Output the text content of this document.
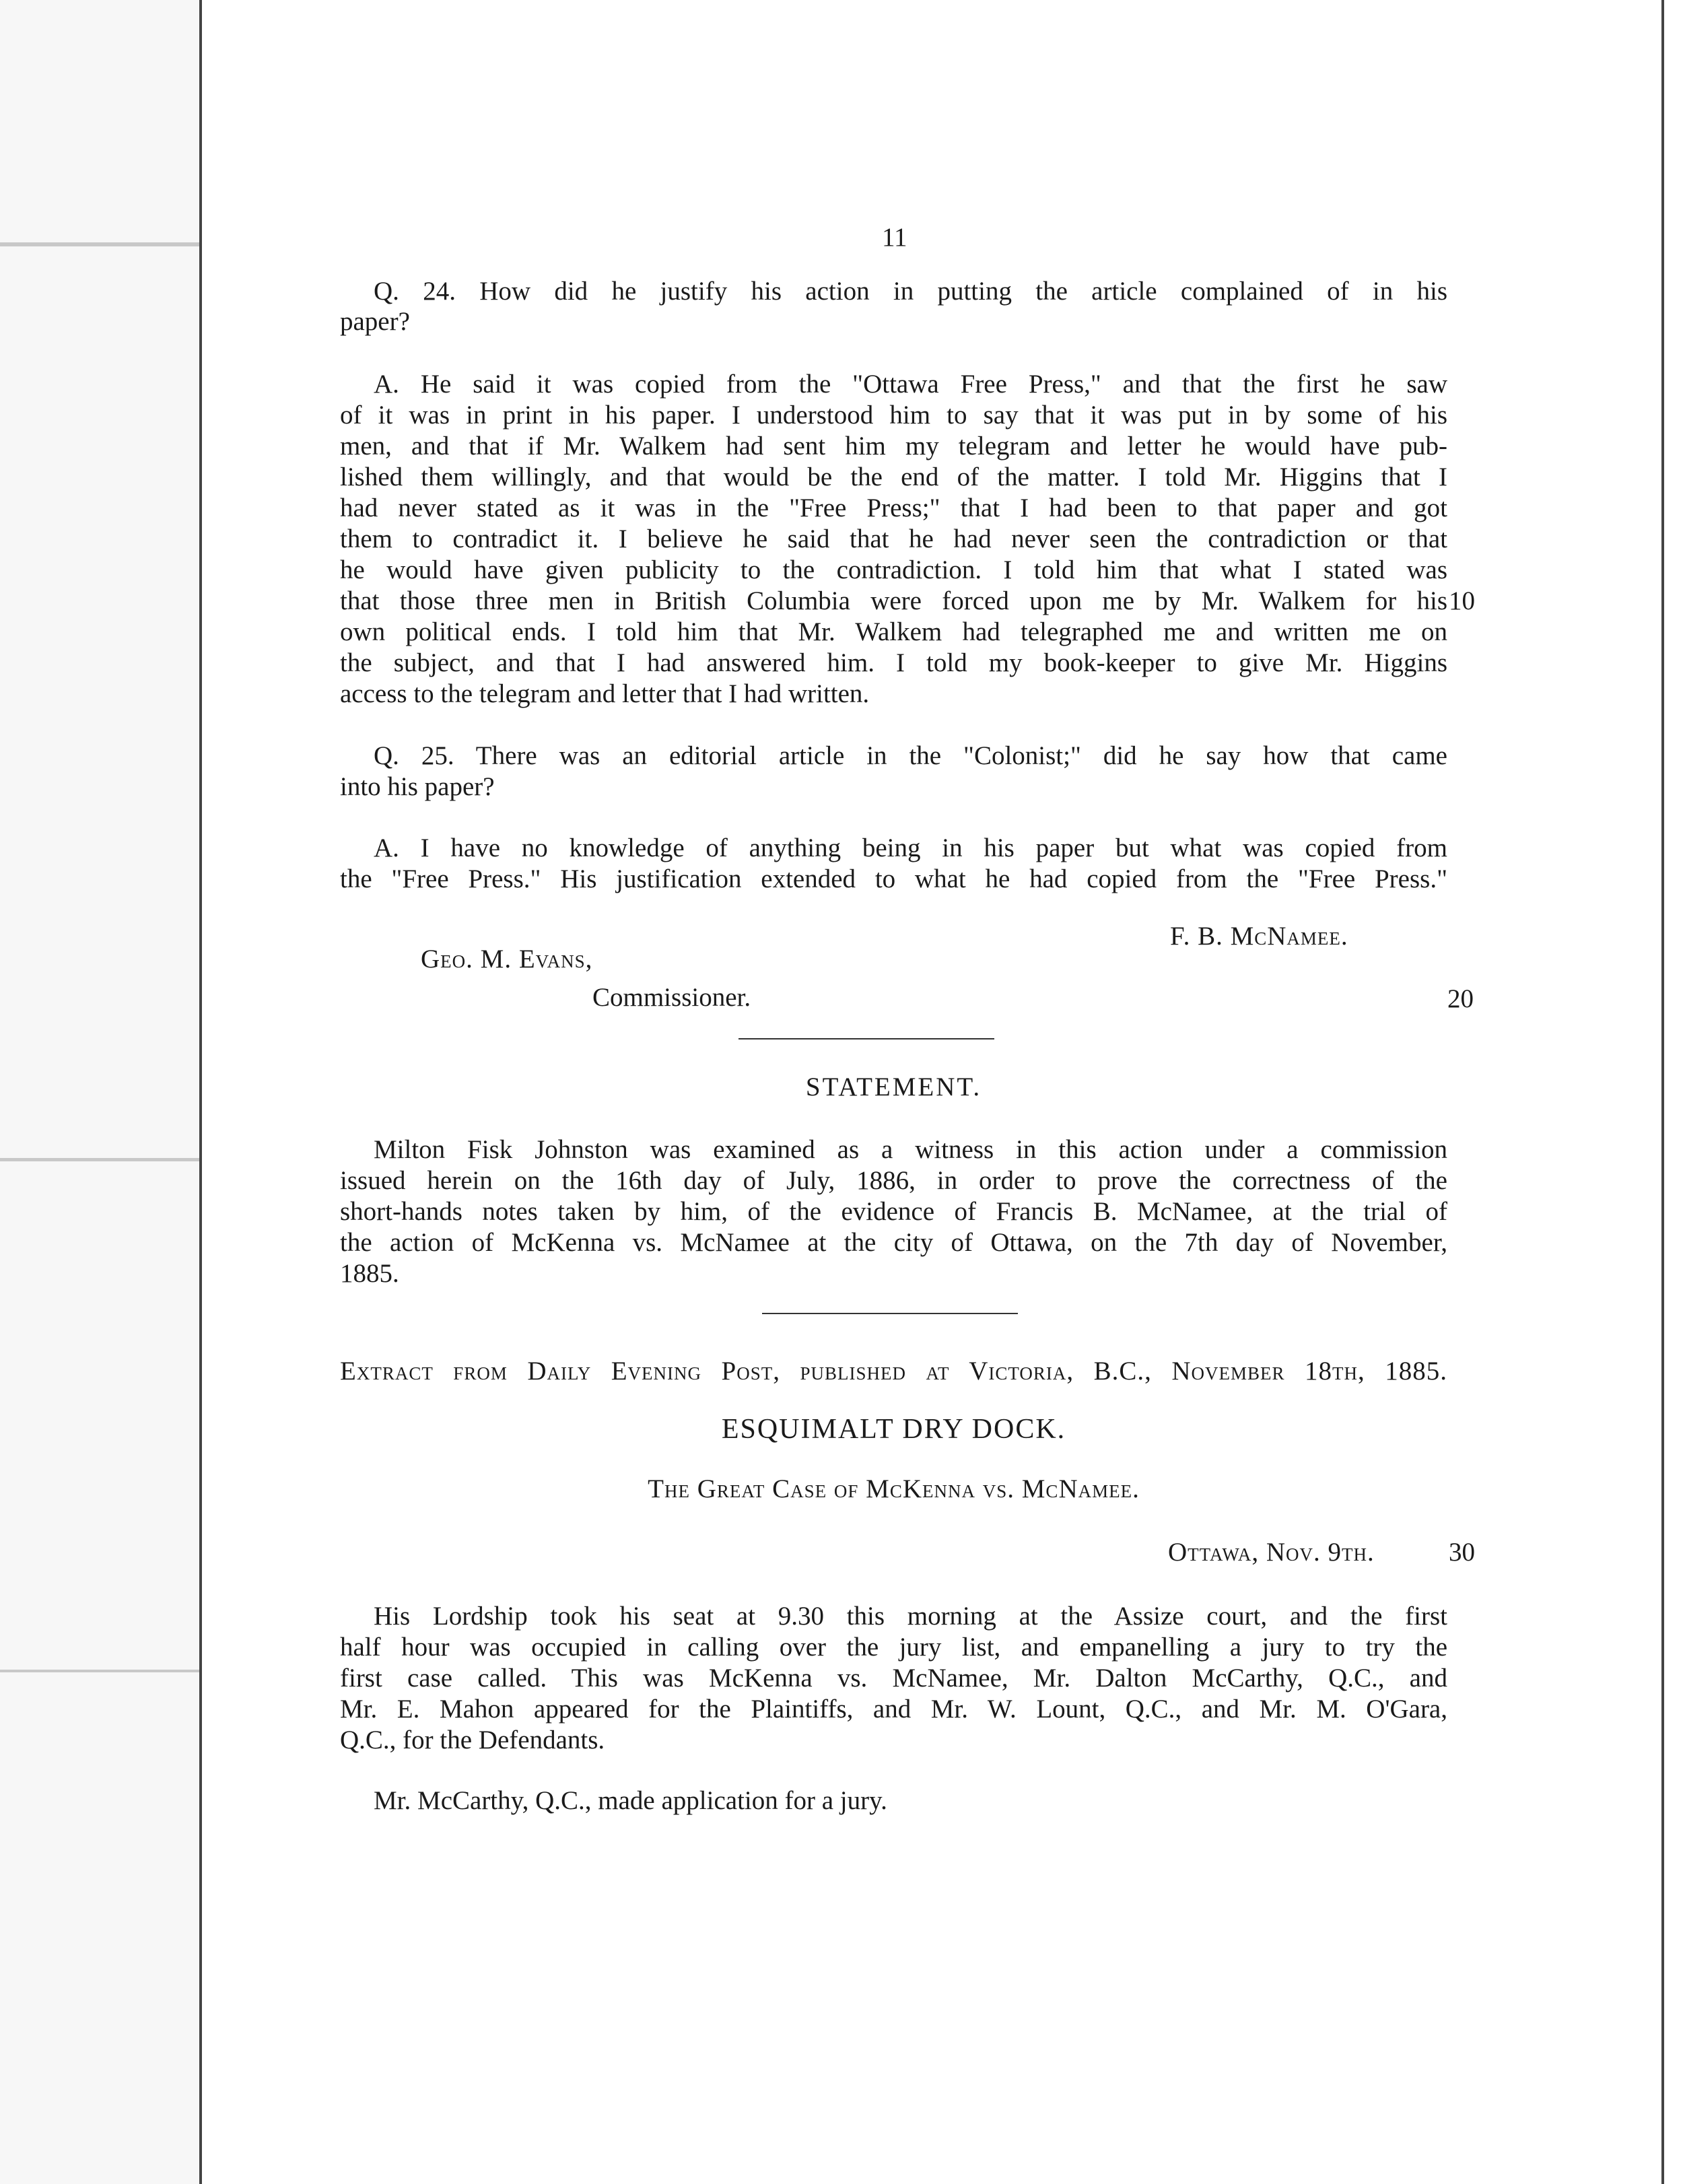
11
Q. 24. How did he justify his action in putting the article complained of in his
paper?
A. He said it was copied from the "Ottawa Free Press," and that the first he saw
of it was in print in his paper. I understood him to say that it was put in by some of his
men, and that if Mr. Walkem had sent him my telegram and letter he would have pub-
lished them willingly, and that would be the end of the matter. I told Mr. Higgins that I
had never stated as it was in the "Free Press;" that I had been to that paper and got
them to contradict it. I believe he said that he had never seen the contradiction or that
he would have given publicity to the contradiction. I told him that what I stated was
that those three men in British Columbia were forced upon me by Mr. Walkem for his
own political ends. I told him that Mr. Walkem had telegraphed me and written me on
the subject, and that I had answered him. I told my book-keeper to give Mr. Higgins
access to the telegram and letter that I had written.
10
Q. 25. There was an editorial article in the "Colonist;" did he say how that came
into his paper?
A. I have no knowledge of anything being in his paper but what was copied from
the "Free Press." His justification extended to what he had copied from the "Free Press."
F. B. McNamee.
Geo. M. Evans,
Commissioner.	20
STATEMENT.
Milton Fisk Johnston was examined as a witness in this action under a commission
issued herein on the 16th day of July, 1886, in order to prove the correctness of the
short-hands notes taken by him, of the evidence of Francis B. McNamee, at the trial of
the action of McKenna vs. McNamee at the city of Ottawa, on the 7th day of November,
1885.
Extract from Daily Evening Post, published at Victoria, B.C., November 18th, 1885.
ESQUIMALT DRY DOCK.
The Great Case of McKenna vs. McNamee.
Ottawa, Nov. 9th.	30
His Lordship took his seat at 9.30 this morning at the Assize court, and the first
half hour was occupied in calling over the jury list, and empanelling a jury to try the
first case called. This was McKenna vs. McNamee, Mr. Dalton McCarthy, Q.C., and
Mr. E. Mahon appeared for the Plaintiffs, and Mr. W. Lount, Q.C., and Mr. M. O'Gara,
Q.C., for the Defendants.
Mr. McCarthy, Q.C., made application for a jury.
